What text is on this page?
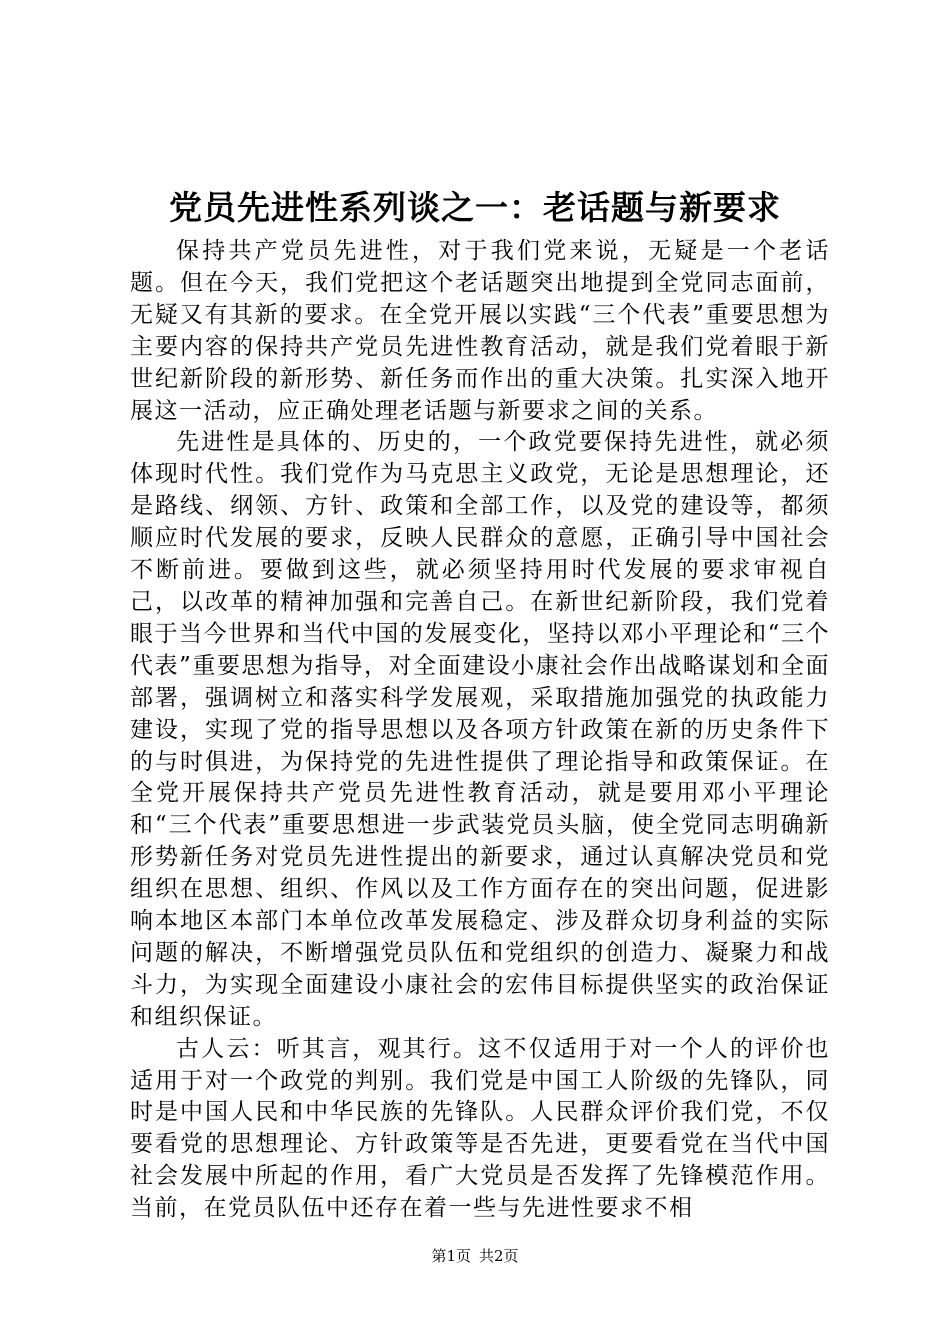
党员先进性系列谈之一：老话题与新要求

保持共产党员先进性，对于我们党来说，无疑是一个老话题。但在今天，我们党把这个老话题突出地提到全党同志面前，无疑又有其新的要求。在全党开展以实践“三个代表”重要思想为主要内容的保持共产党员先进性教育活动，就是我们党着眼于新世纪新阶段的新形势、新任务而作出的重大决策。扎实深入地开展这一活动，应正确处理老话题与新要求之间的关系。

先进性是具体的、历史的，一个政党要保持先进性，就必须体现时代性。我们党作为马克思主义政党，无论是思想理论，还是路线、纲领、方针、政策和全部工作，以及党的建设等，都须顺应时代发展的要求，反映人民群众的意愿，正确引导中国社会不断前进。要做到这些，就必须坚持用时代发展的要求审视自己，以改革的精神加强和完善自己。在新世纪新阶段，我们党着眼于当今世界和当代中国的发展变化，坚持以邓小平理论和“三个代表”重要思想为指导，对全面建设小康社会作出战略谋划和全面部署，强调树立和落实科学发展观，采取措施加强党的执政能力建设，实现了党的指导思想以及各项方针政策在新的历史条件下的与时俱进，为保持党的先进性提供了理论指导和政策保证。在全党开展保持共产党员先进性教育活动，就是要用邓小平理论和“三个代表”重要思想进一步武装党员头脑，使全党同志明确新形势新任务对党员先进性提出的新要求，通过认真解决党员和党组织在思想、组织、作风以及工作方面存在的突出问题，促进影响本地区本部门本单位改革发展稳定、涉及群众切身利益的实际问题的解决，不断增强党员队伍和党组织的创造力、凝聚力和战斗力，为实现全面建设小康社会的宏伟目标提供坚实的政治保证和组织保证。

古人云：听其言，观其行。这不仅适用于对一个人的评价也适用于对一个政党的判别。我们党是中国工人阶级的先锋队，同时是中国人民和中华民族的先锋队。人民群众评价我们党，不仅要看党的思想理论、方针政策等是否先进，更要看党在当代中国社会发展中所起的作用，看广大党员是否发挥了先锋模范作用。当前，在党员队伍中还存在着一些与先进性要求不相

第1页 共2页
